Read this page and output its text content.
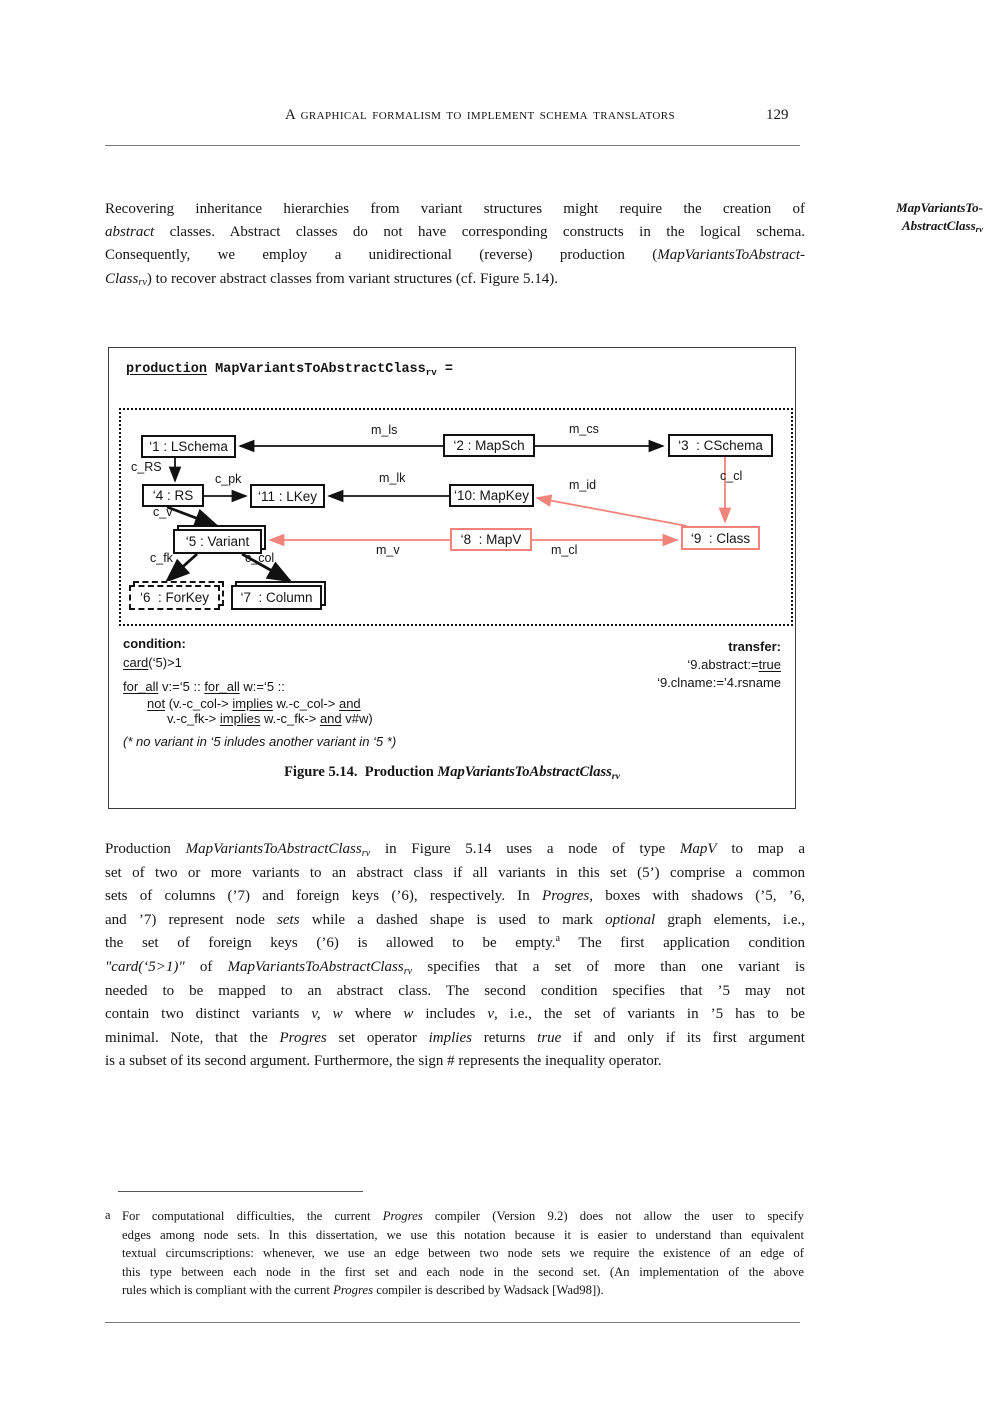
A graphical formalism to implement schema translators	129
MapVariantsTo-
AbstractClassrv
Recovering inheritance hierarchies from variant structures might require the creation of
abstract classes. Abstract classes do not have corresponding constructs in the logical schema.
Consequently, we employ a unidirectional (reverse) production (MapVariantsToAbstract-
Classrv) to recover abstract classes from variant structures (cf. Figure 5.14).
production MapVariantsToAbstractClassrv =
‘1 : LSchema	‘2 : MapSch	‘3  : CSchema
‘4 : RS	‘11 : LKey	‘10: MapKey
‘5 : Variant	‘8  : MapV	‘9  : Class
‘6  : ForKey	‘7  : Column
m_ls	m_cs
c_RS
c_pk	m_lk	m_id
c_cl
c_v
m_v	m_cl
c_fk	c_col
condition:
card(‘5)>1
for_all v:=‘5 :: for_all w:=‘5 ::
not (v.-c_col-> implies w.-c_col-> and
v.-c_fk-> implies w.-c_fk-> and v#w)
(* no variant in ‘5 inludes another variant in ‘5 *)
transfer:
‘9.abstract:=true
‘9.clname:=’4.rsname
Figure 5.14.  Production MapVariantsToAbstractClassrv
Production MapVariantsToAbstractClassrv in Figure 5.14 uses a node of type MapV to map a
set of two or more variants to an abstract class if all variants in this set (5’) comprise a common
sets of columns (’7) and foreign keys (’6), respectively. In Progres, boxes with shadows (’5, ’6,
and ’7) represent node sets while a dashed shape is used to mark optional graph elements, i.e.,
the set of foreign keys (’6) is allowed to be empty.$^a$ The first application condition
"card(‘5>1)" of MapVariantsToAbstractClassrv specifies that a set of more than one variant is
needed to be mapped to an abstract class. The second condition specifies that ’5 may not
contain two distinct variants v, w where w includes v, i.e., the set of variants in ’5 has to be
minimal. Note, that the Progres set operator implies returns true if and only if its first argument
is a subset of its second argument. Furthermore, the sign # represents the inequality operator.
a For computational difficulties, the current Progres compiler (Version 9.2) does not allow the user to specify
edges among node sets. In this dissertation, we use this notation because it is easier to understand than equivalent
textual circumscriptions: whenever, we use an edge between two node sets we require the existence of an edge of
this type between each node in the first set and each node in the second set. (An implementation of the above
rules which is compliant with the current Progres compiler is described by Wadsack [Wad98]).
